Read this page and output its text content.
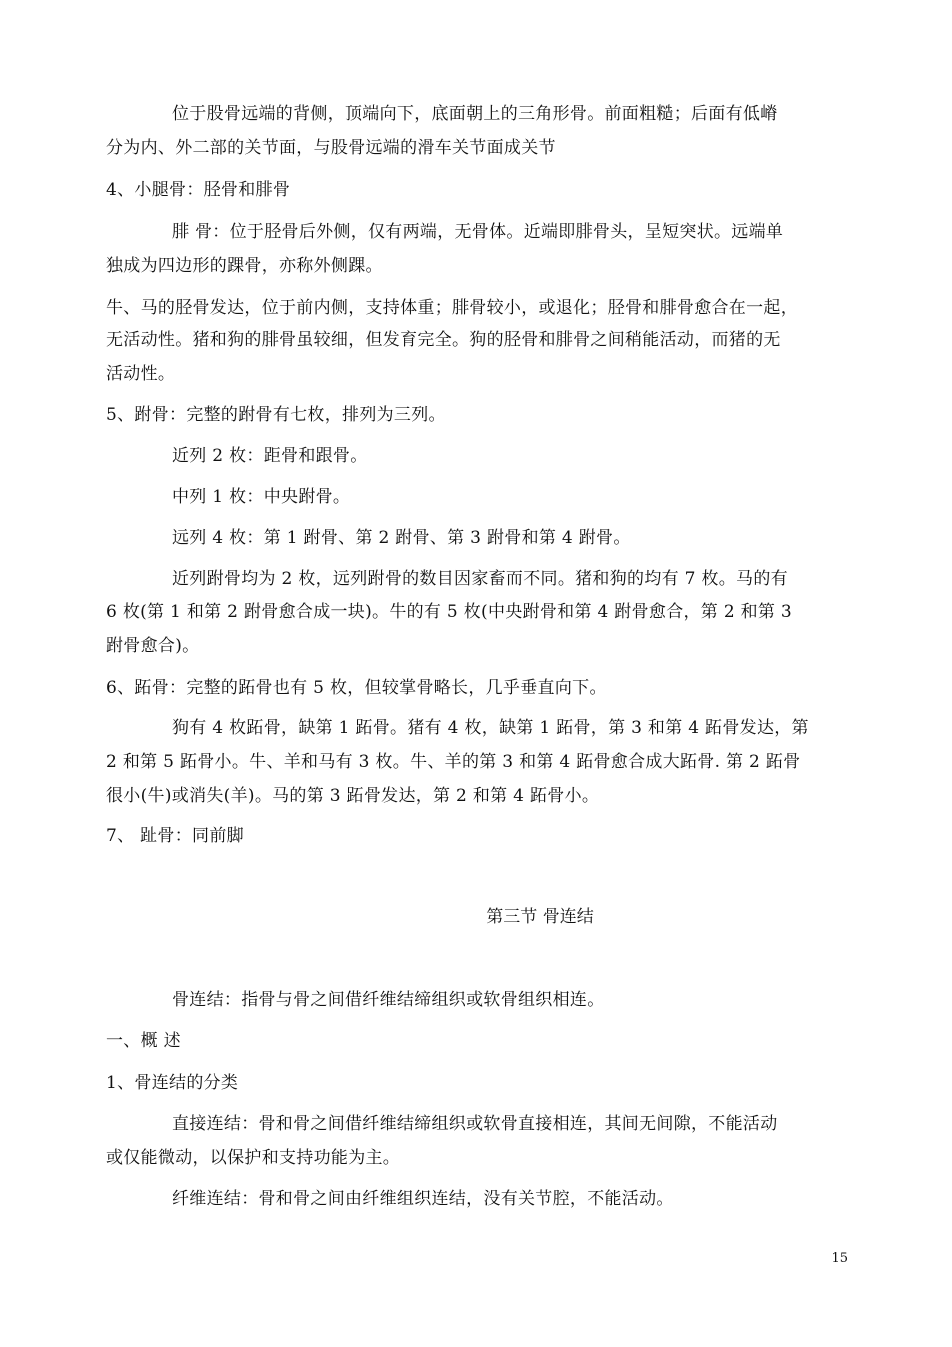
位于股骨远端的背侧，顶端向下，底面朝上的三角形骨。前面粗糙；后面有低嵴
分为内、外二部的关节面，与股骨远端的滑车关节面成关节
4、小腿骨：胫骨和腓骨
腓 骨：位于胫骨后外侧，仅有两端，无骨体。近端即腓骨头，呈短突状。远端单
独成为四边形的踝骨，亦称外侧踝。
牛、马的胫骨发达，位于前内侧，支持体重；腓骨较小，或退化；胫骨和腓骨愈合在一起，
无活动性。猪和狗的腓骨虽较细，但发育完全。狗的胫骨和腓骨之间稍能活动，而猪的无
活动性。
5、跗骨：完整的跗骨有七枚，排列为三列。
近列 2 枚：距骨和跟骨。
中列 1 枚：中央跗骨。
远列 4 枚：第 1 跗骨、第 2 跗骨、第 3 跗骨和第 4 跗骨。
近列跗骨均为 2 枚，远列跗骨的数目因家畜而不同。猪和狗的均有 7 枚。马的有
6 枚(第 1 和第 2 跗骨愈合成一块)。牛的有 5 枚(中央跗骨和第 4 跗骨愈合，第 2 和第 3
跗骨愈合)。
6、跖骨：完整的跖骨也有 5 枚，但较掌骨略长，几乎垂直向下。
狗有 4 枚跖骨，缺第 1 跖骨。猪有 4 枚，缺第 1 跖骨，第 3 和第 4 跖骨发达，第
2 和第 5 跖骨小。牛、羊和马有 3 枚。牛、羊的第 3 和第 4 跖骨愈合成大跖骨. 第 2 跖骨
很小(牛)或消失(羊)。马的第 3 跖骨发达，第 2 和第 4 跖骨小。
7、 趾骨：同前脚
第三节 骨连结
骨连结：指骨与骨之间借纤维结缔组织或软骨组织相连。
一、概 述
1、骨连结的分类
直接连结：骨和骨之间借纤维结缔组织或软骨直接相连，其间无间隙，不能活动
或仅能微动，以保护和支持功能为主。
纤维连结：骨和骨之间由纤维组织连结，没有关节腔，不能活动。
15
